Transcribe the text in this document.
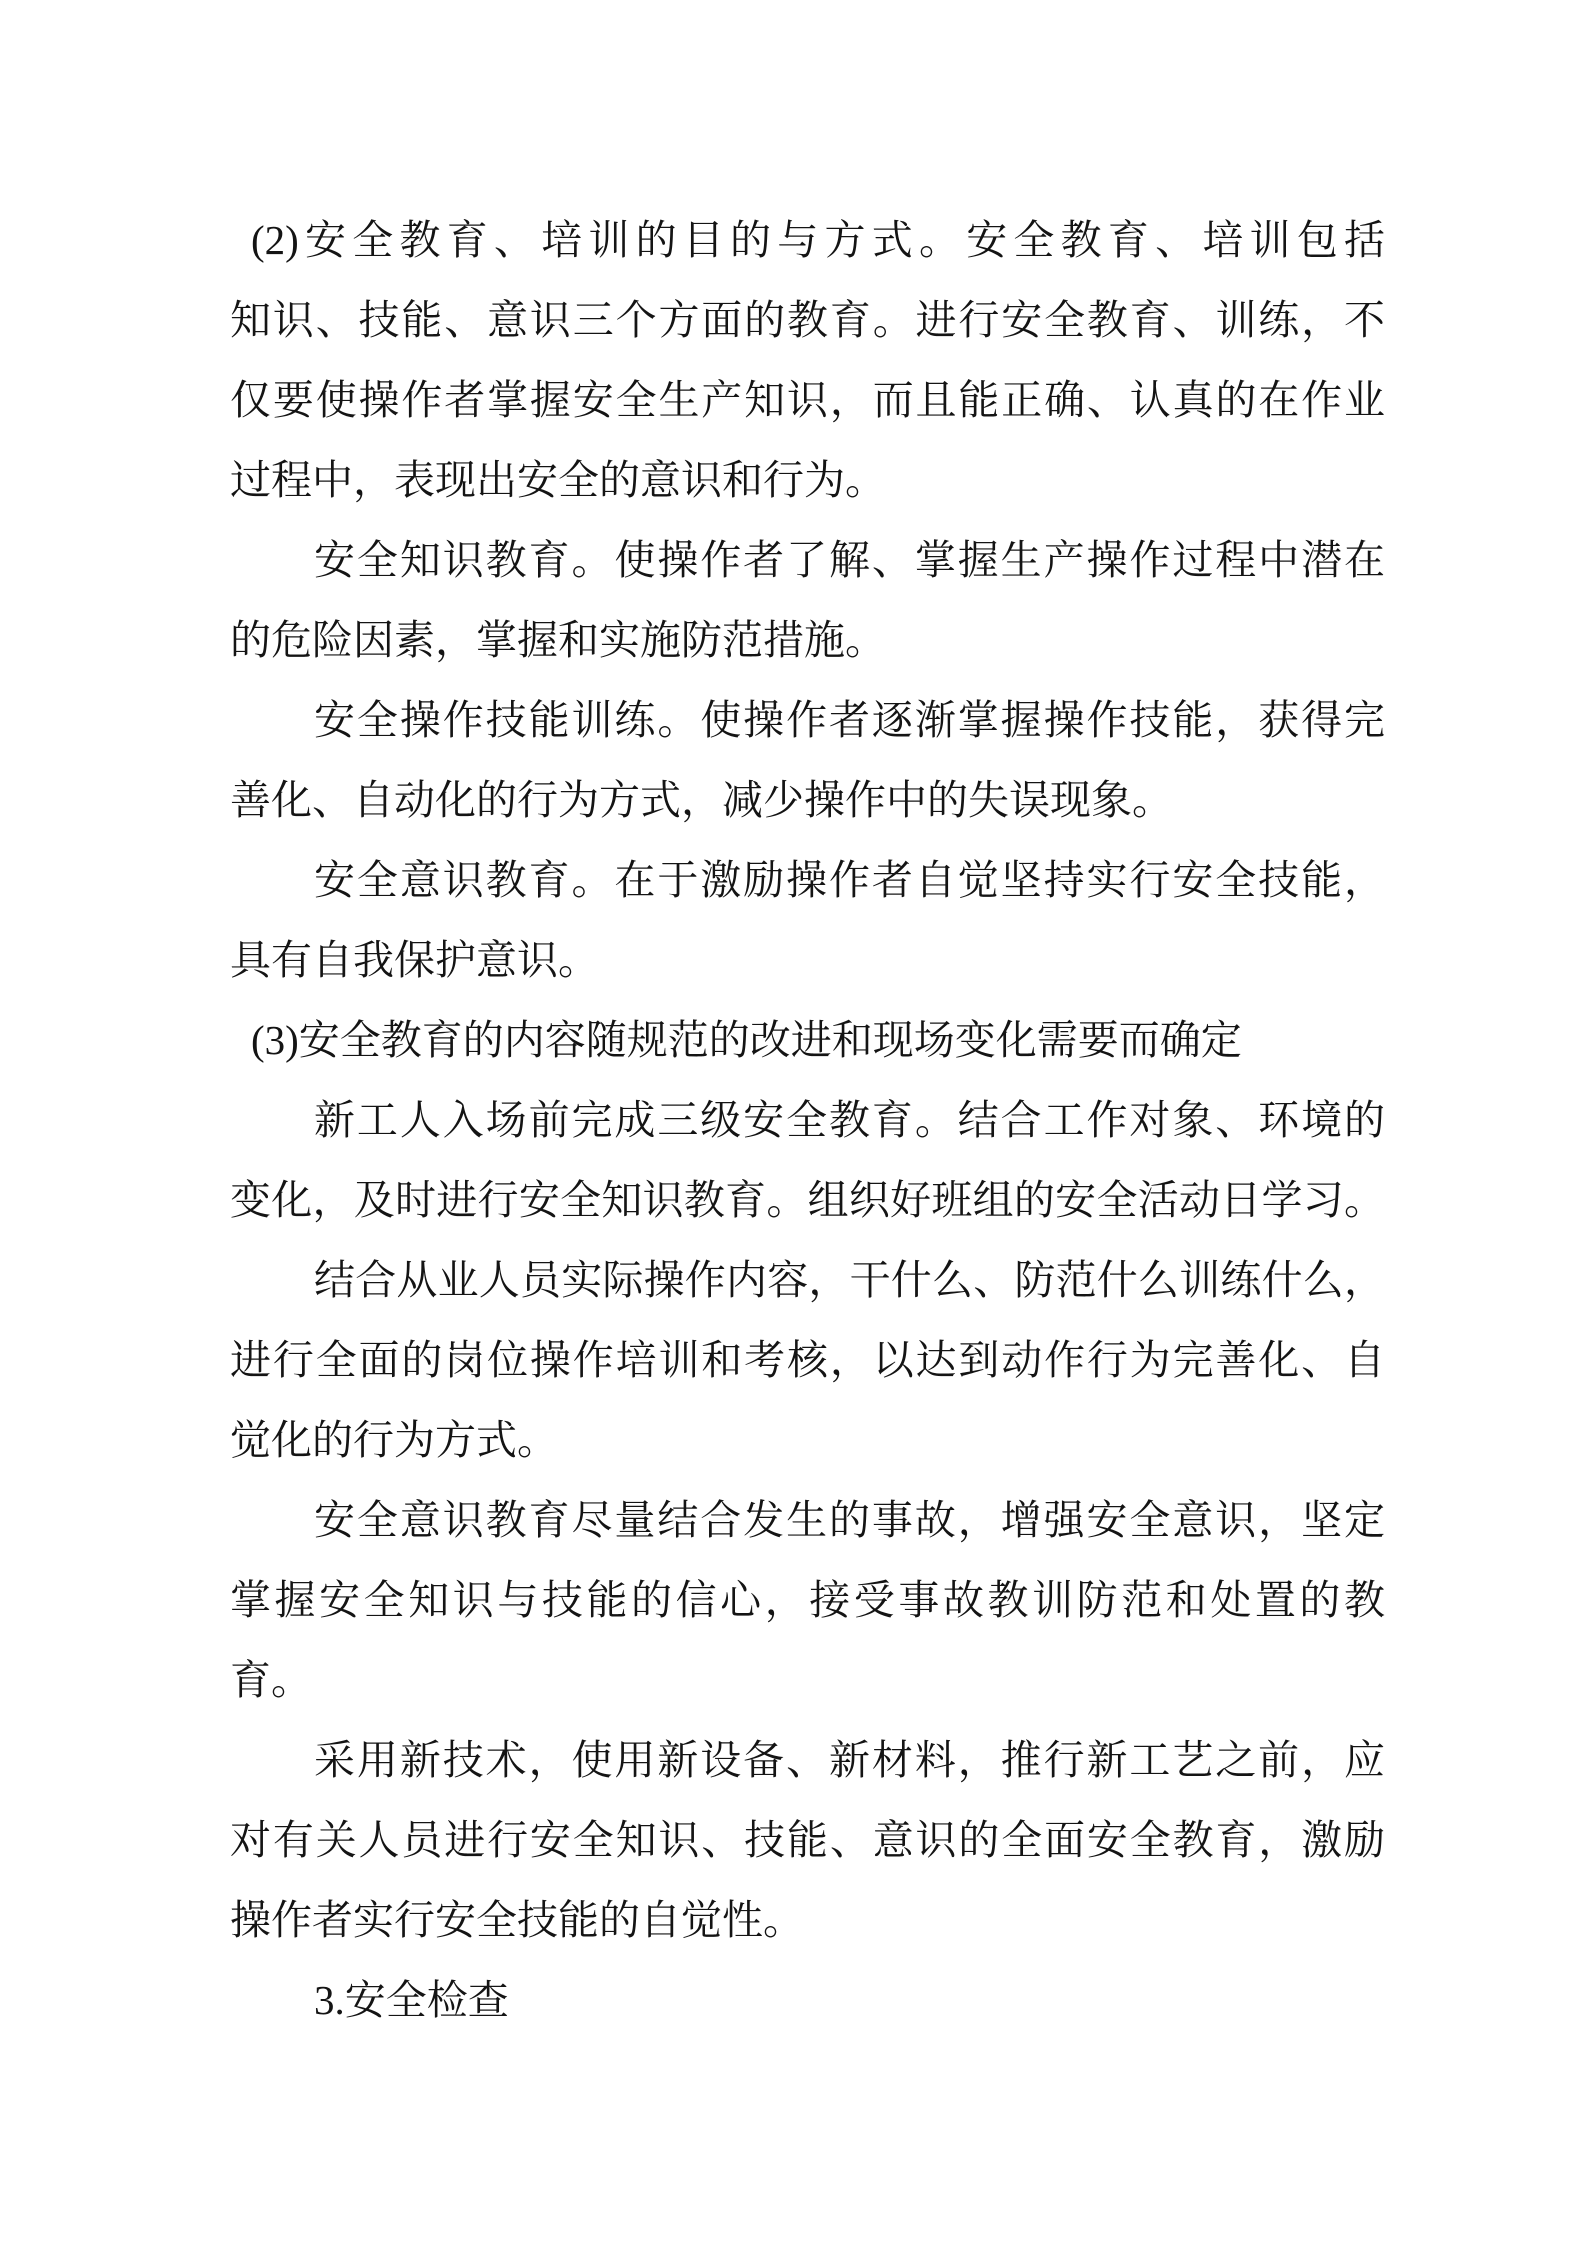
(2)安全教育、培训的目的与方式。安全教育、培训包括
知识、技能、意识三个方面的教育。进行安全教育、训练，不
仅要使操作者掌握安全生产知识，而且能正确、认真的在作业
过程中，表现出安全的意识和行为。
安全知识教育。使操作者了解、掌握生产操作过程中潜在
的危险因素，掌握和实施防范措施。
安全操作技能训练。使操作者逐渐掌握操作技能，获得完
善化、自动化的行为方式，减少操作中的失误现象。
安全意识教育。在于激励操作者自觉坚持实行安全技能，
具有自我保护意识。
(3)安全教育的内容随规范的改进和现场变化需要而确定
新工人入场前完成三级安全教育。结合工作对象、环境的
变化，及时进行安全知识教育。组织好班组的安全活动日学习。
结合从业人员实际操作内容，干什么、防范什么训练什么，
进行全面的岗位操作培训和考核，以达到动作行为完善化、自
觉化的行为方式。
安全意识教育尽量结合发生的事故，增强安全意识，坚定
掌握安全知识与技能的信心，接受事故教训防范和处置的教
育。
采用新技术，使用新设备、新材料，推行新工艺之前，应
对有关人员进行安全知识、技能、意识的全面安全教育，激励
操作者实行安全技能的自觉性。
3.安全检查
